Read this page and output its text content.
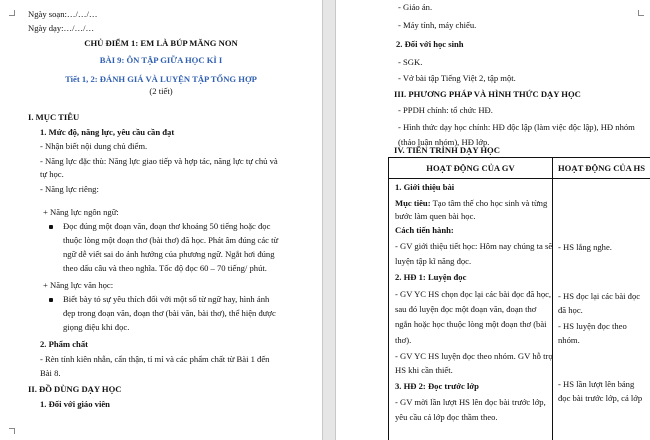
Ngày soạn:…/…/…
Ngày dạy:…/…/…
CHỦ ĐIỂM 1: EM LÀ BÚP MĂNG NON
BÀI 9: ÔN TẬP GIỮA HỌC KÌ I
Tiết 1, 2: ĐÁNH GIÁ VÀ LUYỆN TẬP TỔNG HỢP
(2 tiết)
I. MỤC TIÊU
1. Mức độ, năng lực, yêu cầu cần đạt
- Nhận biết nội dung chủ điểm.
- Năng lực đặc thù: Năng lực giao tiếp và hợp tác, năng lực tự chủ và
tự học.
- Năng lực riêng:
+ Năng lực ngôn ngữ:
Đọc đúng một đoạn văn, đoạn thơ khoảng 50 tiếng hoặc đọc
thuộc lòng một đoạn thơ (bài thơ) đã học. Phát âm đúng các từ
ngữ dễ viết sai do ảnh hưởng của phương ngữ. Ngắt hơi đúng
theo dấu câu và theo nghĩa. Tốc độ đọc 60 – 70 tiếng/ phút.
+ Năng lực văn học:
Biết bày tỏ sự yêu thích đối với một số từ ngữ hay, hình ảnh
đẹp trong đoạn văn, đoạn thơ (bài văn, bài thơ), thể hiện được
giọng điệu khi đọc.
2. Phẩm chất
- Rèn tính kiên nhẫn, cẩn thận, tỉ mỉ và các phẩm chất từ Bài 1 đến
Bài 8.
II. ĐỒ DÙNG DẠY HỌC
1. Đối với giáo viên
- Giáo án.
- Máy tính, máy chiếu.
2. Đối với học sinh
- SGK.
- Vở bài tập Tiếng Việt 2, tập một.
III. PHƯƠNG PHÁP VÀ HÌNH THỨC DẠY HỌC
- PPDH chính: tổ chức HĐ.
- Hình thức dạy học chính: HĐ độc lập (làm việc độc lập), HĐ nhóm
(thảo luận nhóm), HĐ lớp.
IV. TIẾN TRÌNH DẠY HỌC
HOẠT ĐỘNG CỦA GV	HOẠT ĐỘNG CỦA HS
1. Giới thiệu bài
Mục tiêu: Tạo tâm thế cho học sinh và từng
bước làm quen bài học.
Cách tiến hành:
- GV giới thiệu tiết học: Hôm nay chúng ta sẽ
luyện tập kĩ năng đọc.
2. HĐ 1: Luyện đọc
- GV YC HS chọn đọc lại các bài đọc đã học,
sau đó luyện đọc một đoạn văn, đoạn thơ
ngắn hoặc học thuộc lòng một đoạn thơ (bài
thơ).
- GV YC HS luyện đọc theo nhóm. GV hỗ trợ
HS khi cần thiết.
3. HĐ 2: Đọc trước lớp
- GV mời lần lượt HS lên đọc bài trước lớp,
yêu cầu cả lớp đọc thầm theo.
- HS lắng nghe.
- HS đọc lại các bài đọc
đã học.
- HS luyện đọc theo
nhóm.
- HS lần lượt lên bảng
đọc bài trước lớp, cả lớp
